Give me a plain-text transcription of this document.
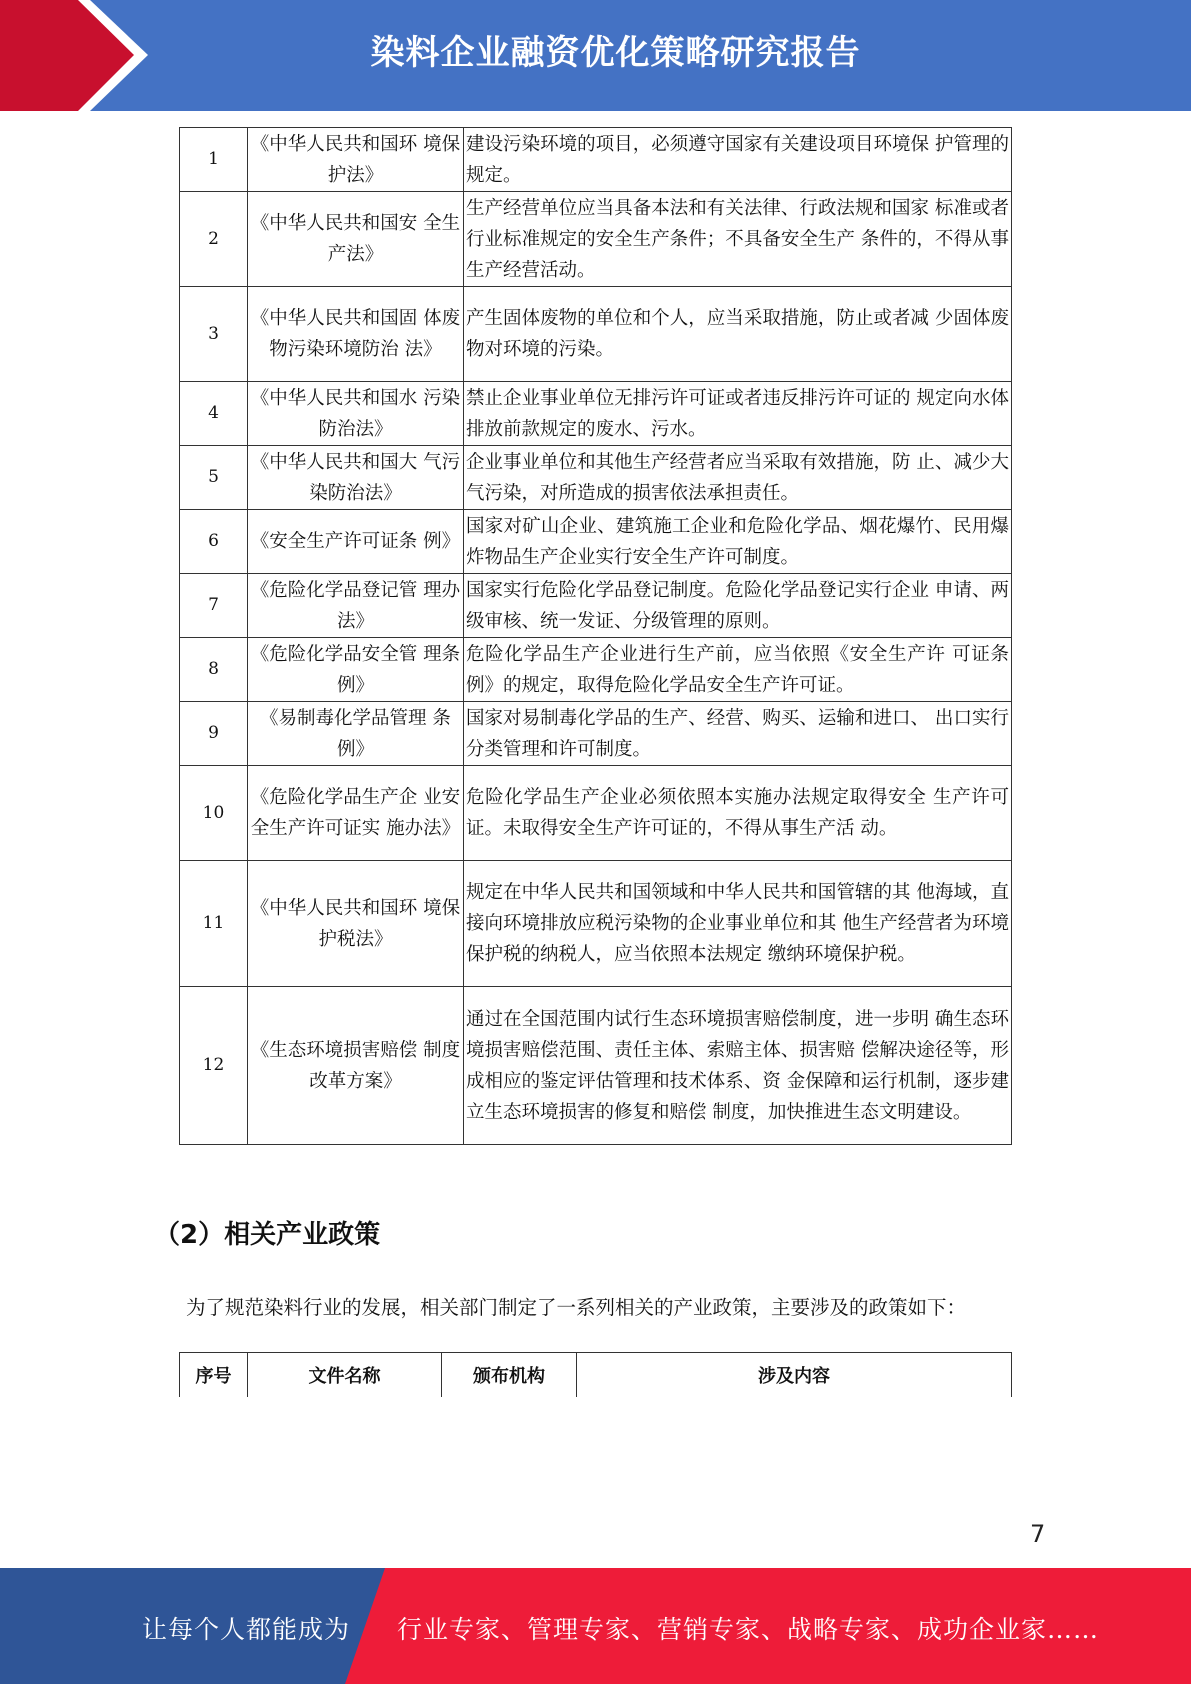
染料企业融资优化策略研究报告
1	《中华人民共和国环 境保护法》	建设污染环境的项目，必须遵守国家有关建设项目环境保 护管理的规定。
2	《中华人民共和国安 全生产法》	生产经营单位应当具备本法和有关法律、行政法规和国家 标准或者行业标准规定的安全生产条件；不具备安全生产 条件的，不得从事生产经营活动。
3	《中华人民共和国固 体废物污染环境防治 法》	产生固体废物的单位和个人，应当采取措施，防止或者减 少固体废物对环境的污染。
4	《中华人民共和国水 污染防治法》	禁止企业事业单位无排污许可证或者违反排污许可证的 规定向水体排放前款规定的废水、污水。
5	《中华人民共和国大 气污染防治法》	企业事业单位和其他生产经营者应当采取有效措施，防 止、减少大气污染，对所造成的损害依法承担责任。
6	《安全生产许可证条 例》	国家对矿山企业、建筑施工企业和危险化学品、烟花爆竹、民用爆炸物品生产企业实行安全生产许可制度。
7	《危险化学品登记管 理办法》	国家实行危险化学品登记制度。危险化学品登记实行企业 申请、两级审核、统一发证、分级管理的原则。
8	《危险化学品安全管 理条例》	危险化学品生产企业进行生产前，应当依照《安全生产许 可证条例》的规定，取得危险化学品安全生产许可证。
9	《易制毒化学品管理 条例》	国家对易制毒化学品的生产、经营、购买、运输和进口、 出口实行分类管理和许可制度。
10	《危险化学品生产企 业安全生产许可证实 施办法》	危险化学品生产企业必须依照本实施办法规定取得安全 生产许可证。未取得安全生产许可证的，不得从事生产活 动。
11	《中华人民共和国环 境保护税法》	规定在中华人民共和国领域和中华人民共和国管辖的其 他海域，直接向环境排放应税污染物的企业事业单位和其 他生产经营者为环境保护税的纳税人，应当依照本法规定 缴纳环境保护税。
12	《生态环境损害赔偿 制度改革方案》	通过在全国范围内试行生态环境损害赔偿制度，进一步明 确生态环境损害赔偿范围、责任主体、索赔主体、损害赔 偿解决途径等，形成相应的鉴定评估管理和技术体系、资 金保障和运行机制，逐步建立生态环境损害的修复和赔偿 制度，加快推进生态文明建设。
（2）相关产业政策
为了规范染料行业的发展，相关部门制定了一系列相关的产业政策，主要涉及的政策如下：
序号	文件名称	颁布机构	涉及内容
7
让每个人都能成为 行业专家、管理专家、营销专家、战略专家、成功企业家……
